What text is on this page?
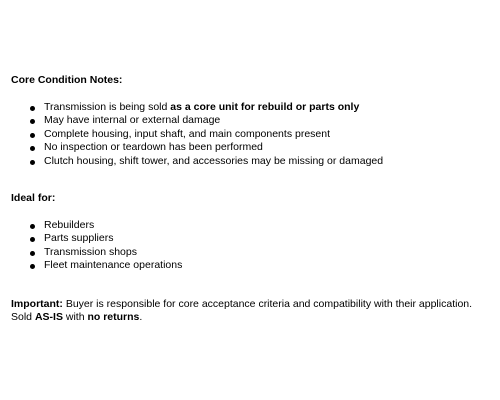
Core Condition Notes:

Transmission is being sold as a core unit for rebuild or parts only
May have internal or external damage
Complete housing, input shaft, and main components present
No inspection or teardown has been performed
Clutch housing, shift tower, and accessories may be missing or damaged

Ideal for:

Rebuilders
Parts suppliers
Transmission shops
Fleet maintenance operations

Important: Buyer is responsible for core acceptance criteria and compatibility with their application. Sold AS-IS with no returns.
